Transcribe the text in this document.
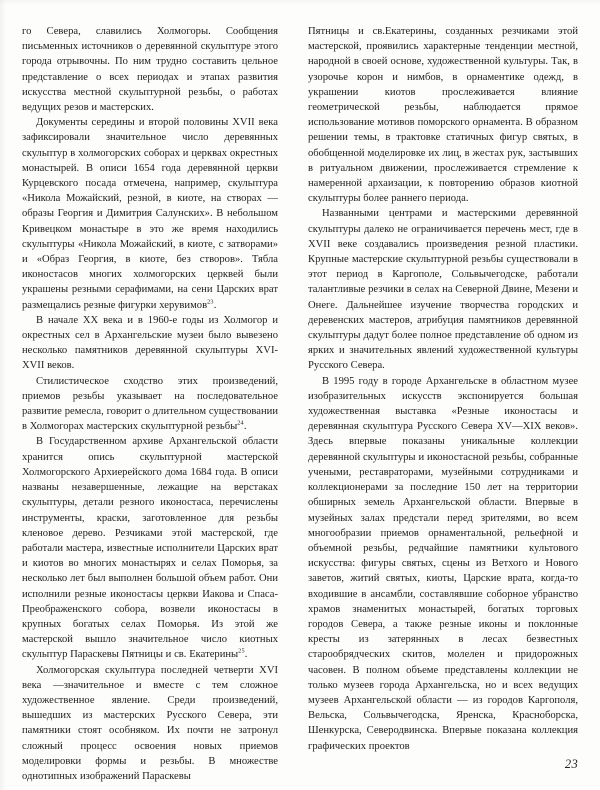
го Севера, славились Холмогоры. Сообщения письменных источников о деревянной скульптуре этого города отрывочны. По ним трудно составить цельное представление о всех периодах и этапах развития искусства местной скульптурной резьбы, о работах ведущих резов и мастерских.

Документы середины и второй половины XVII века зафиксировали значительное число деревянных скульптур в холмогорских соборах и церквах окрестных монастырей. В описи 1654 года деревянной церкви Курцевского посада отмечена, например, скульптура «Никола Можайский, резной, в киоте, на створах — образы Георгия и Димитрия Салунских». В небольшом Кривецком монастыре в это же время находились скульптуры «Никола Можайский, в киоте, с затворами» и «Образ Георгия, в киоте, без створов». Тябла иконостасов многих холмогорских церквей были украшены резными серафимами, на сени Царских врат размещались резные фигурки херувимов$^{23}$.

В начале XX века и в 1960-е годы из Холмогор и окрестных сел в Архангельские музеи было вывезено несколько памятников деревянной скульптуры XVI-XVII веков.

Стилистическое сходство этих произведений, приемов резьбы указывает на последовательное развитие ремесла, говорит о длительном существовании в Холмогорах мастерских скульптурной резьбы$^{24}$.

В Государственном архиве Архангельской области хранится опись скульптурной мастерской Холмогорского Архиерейского дома 1684 года. В описи названы незавершенные, лежащие на верстаках скульптуры, детали резного иконостаса, перечислены инструменты, краски, заготовленное для резьбы кленовое дерево. Резчиками этой мастерской, где работали мастера, известные исполнители Царских врат и киотов во многих монастырях и селах Поморья, за несколько лет был выполнен большой объем работ. Они исполнили резные иконостасы церкви Иакова и Спаса-Преображенского собора, возвели иконостасы в крупных богатых селах Поморья. Из этой же мастерской вышло значительное число киотных скульптур Параскевы Пятницы и св. Екатерины$^{25}$.

Холмогорская скульптура последней четверти XVI века —значительное и вместе с тем сложное художественное явление. Среди произведений, вышедших из мастерских Русского Севера, эти памятники стоят особняком. Их почти не затронул сложный процесс освоения новых приемов моделировки формы и резьбы. В множестве однотипных изображений Параскевы

Пятницы и св.Екатерины, созданных резчиками этой мастерской, проявились характерные тенденции местной, народной в своей основе, художественной культуры. Так, в узорочье корон и нимбов, в орнаментике одежд, в украшении киотов прослеживается влияние геометрической резьбы, наблюдается прямое использование мотивов поморского орнамента. В образном решении темы, в трактовке статичных фигур святых, в обобщенной моделировке их лиц, в жестах рук, застывших в ритуальном движении, прослеживается стремление к намеренной архаизации, к повторению образов киотной скульптуры более раннего периода.

Названными центрами и мастерскими деревянной скульптуры далеко не ограничивается перечень мест, где в XVII веке создавались произведения резной пластики. Крупные мастерские скульптурной резьбы существовали в этот период в Каргополе, Сольвычегодске, работали талантливые резчики в селах на Северной Двине, Мезени и Онеге. Дальнейшее изучение творчества городских и деревенских мастеров, атрибуция памятников деревянной скульптуры дадут более полное представление об одном из ярких и значительных явлений художественной культуры Русского Севера.

В 1995 году в городе Архангельске в областном музее изобразительных искусств экспонируется большая художественная выставка «Резные иконостасы и деревянная скульптура Русского Севера XV—XIX веков». Здесь впервые показаны уникальные коллекции деревянной скульптуры и иконостасной резьбы, собранные учеными, реставраторами, музейными сотрудниками и коллекционерами за последние 150 лет на территории обширных земель Архангельской области. Впервые в музейных залах предстали перед зрителями, во всем многообразии приемов орнаментальной, рельефной и объемной резьбы, редчайшие памятники культового искусства: фигуры святых, сцены из Ветхого и Нового заветов, житий святых, киоты, Царские врата, когда-то входившие в ансамбли, составлявшие соборное убранство храмов знаменитых монастырей, богатых торговых городов Севера, а также резные иконы и поклонные кресты из затерянных в лесах безвестных старообрядческих скитов, молелен и придорожных часовен. В полном объеме представлены коллекции не только музеев города Архангельска, но и всех ведущих музеев Архангельской области — из городов Каргополя, Вельска, Сольвычегодска, Яренска, Красноборска, Шенкурска, Северодвинска. Впервые показана коллекция графических проектов

23
